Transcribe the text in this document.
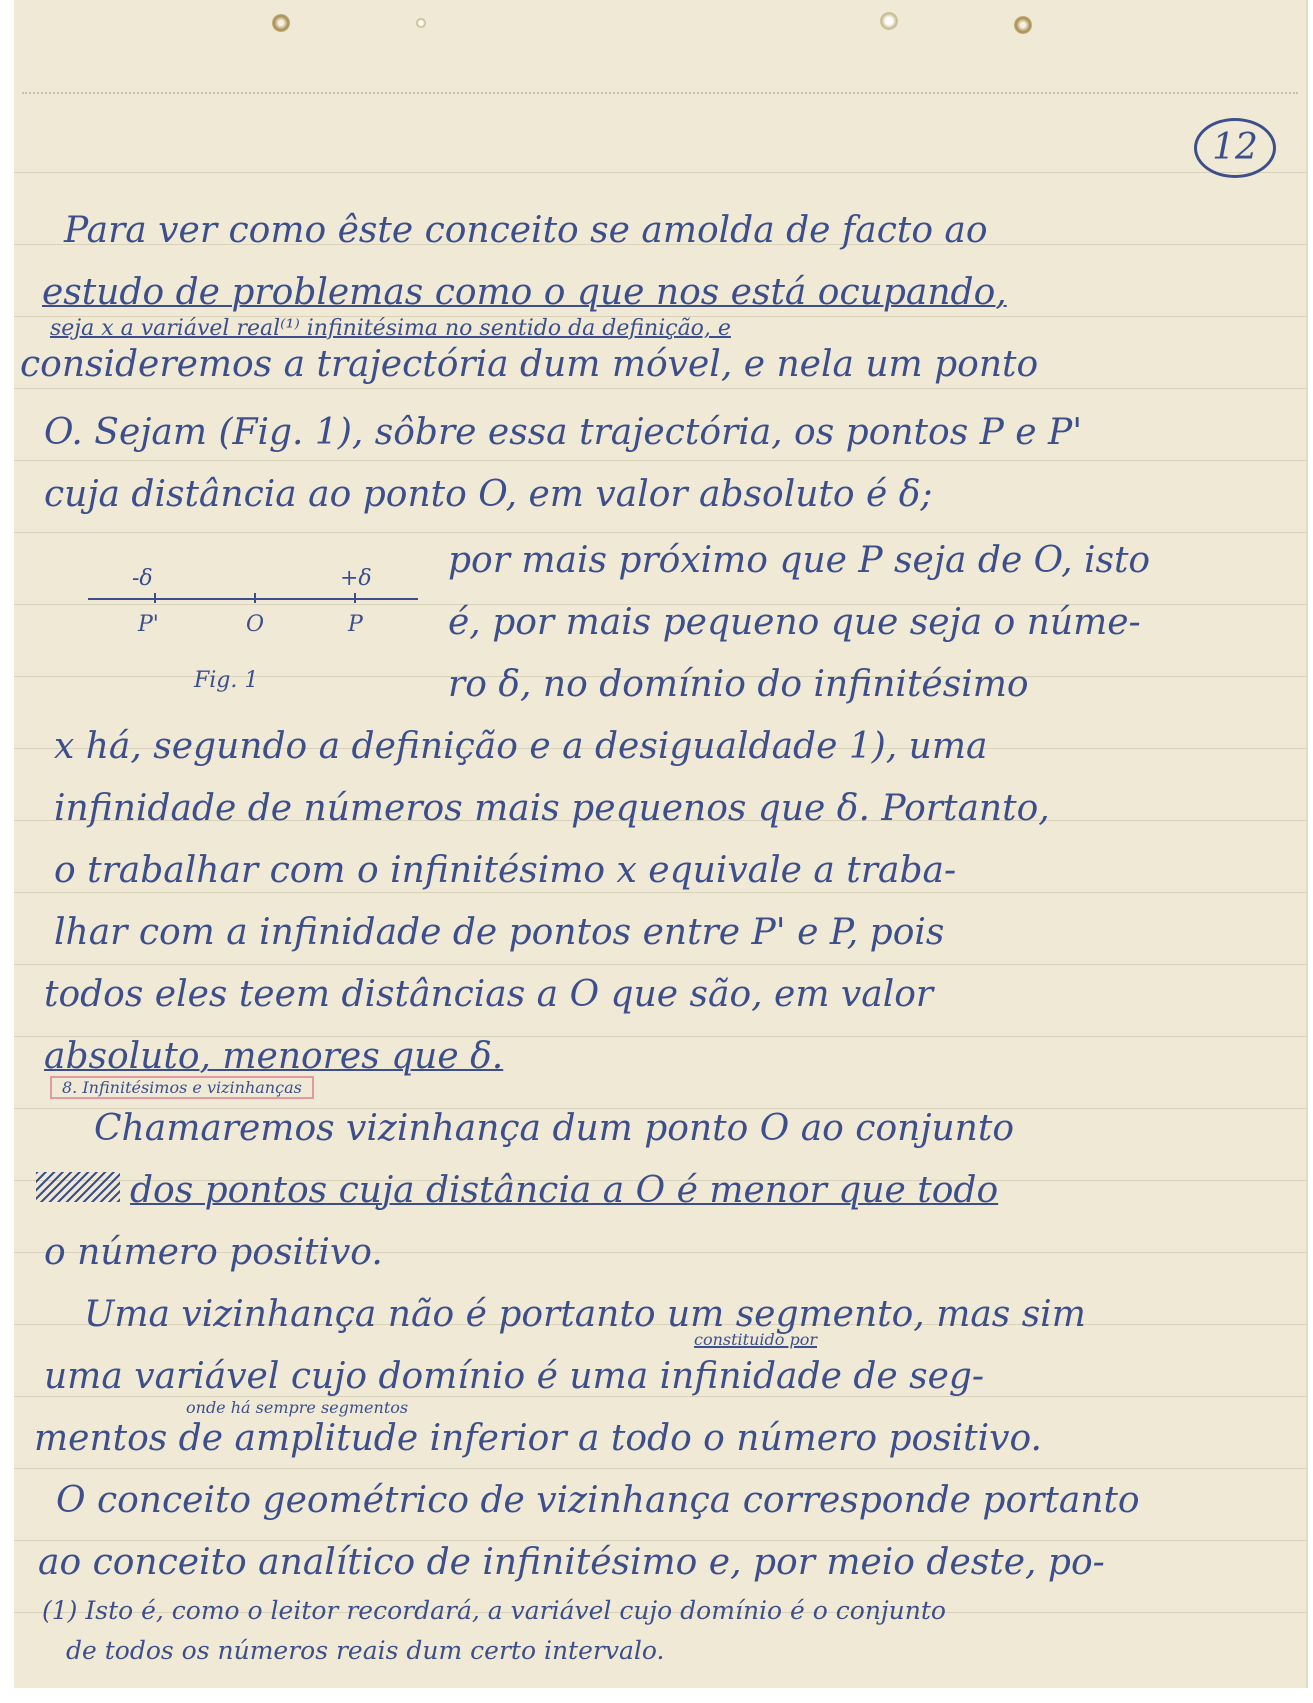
12
Para ver como êste conceito se amolda de facto ao
estudo de problemas como o que nos está ocupando,
seja x a variável real⁽¹⁾ infinitésima no sentido da definição, e
consideremos a trajectória dum móvel, e nela um ponto
O. Sejam (Fig. 1), sôbre essa trajectória, os pontos P e P'
cuja distância ao ponto O, em valor absoluto é δ;
-δ	+δ
P'	O	P
Fig. 1
por mais próximo que P seja de O, isto
é, por mais pequeno que seja o núme-
ro δ, no domínio do infinitésimo
x há, segundo a definição e a desigualdade 1), uma
infinidade de números mais pequenos que δ. Portanto,
o trabalhar com o infinitésimo x equivale a traba-
lhar com a infinidade de pontos entre P' e P, pois
todos eles teem distâncias a O que são, em valor
absoluto, menores que δ.
8. Infinitésimos e vizinhanças
Chamaremos vizinhança dum ponto O ao conjunto
dos pontos cuja distância a O é menor que todo
o número positivo.
Uma vizinhança não é portanto um segmento, mas sim
constituido por
uma variável cujo domínio é uma infinidade de seg-
onde há sempre segmentos
mentos de amplitude inferior a todo o número positivo.
O conceito geométrico de vizinhança corresponde portanto
ao conceito analítico de infinitésimo e, por meio deste, po-
(1) Isto é, como o leitor recordará, a variável cujo domínio é o conjunto
de todos os números reais dum certo intervalo.
